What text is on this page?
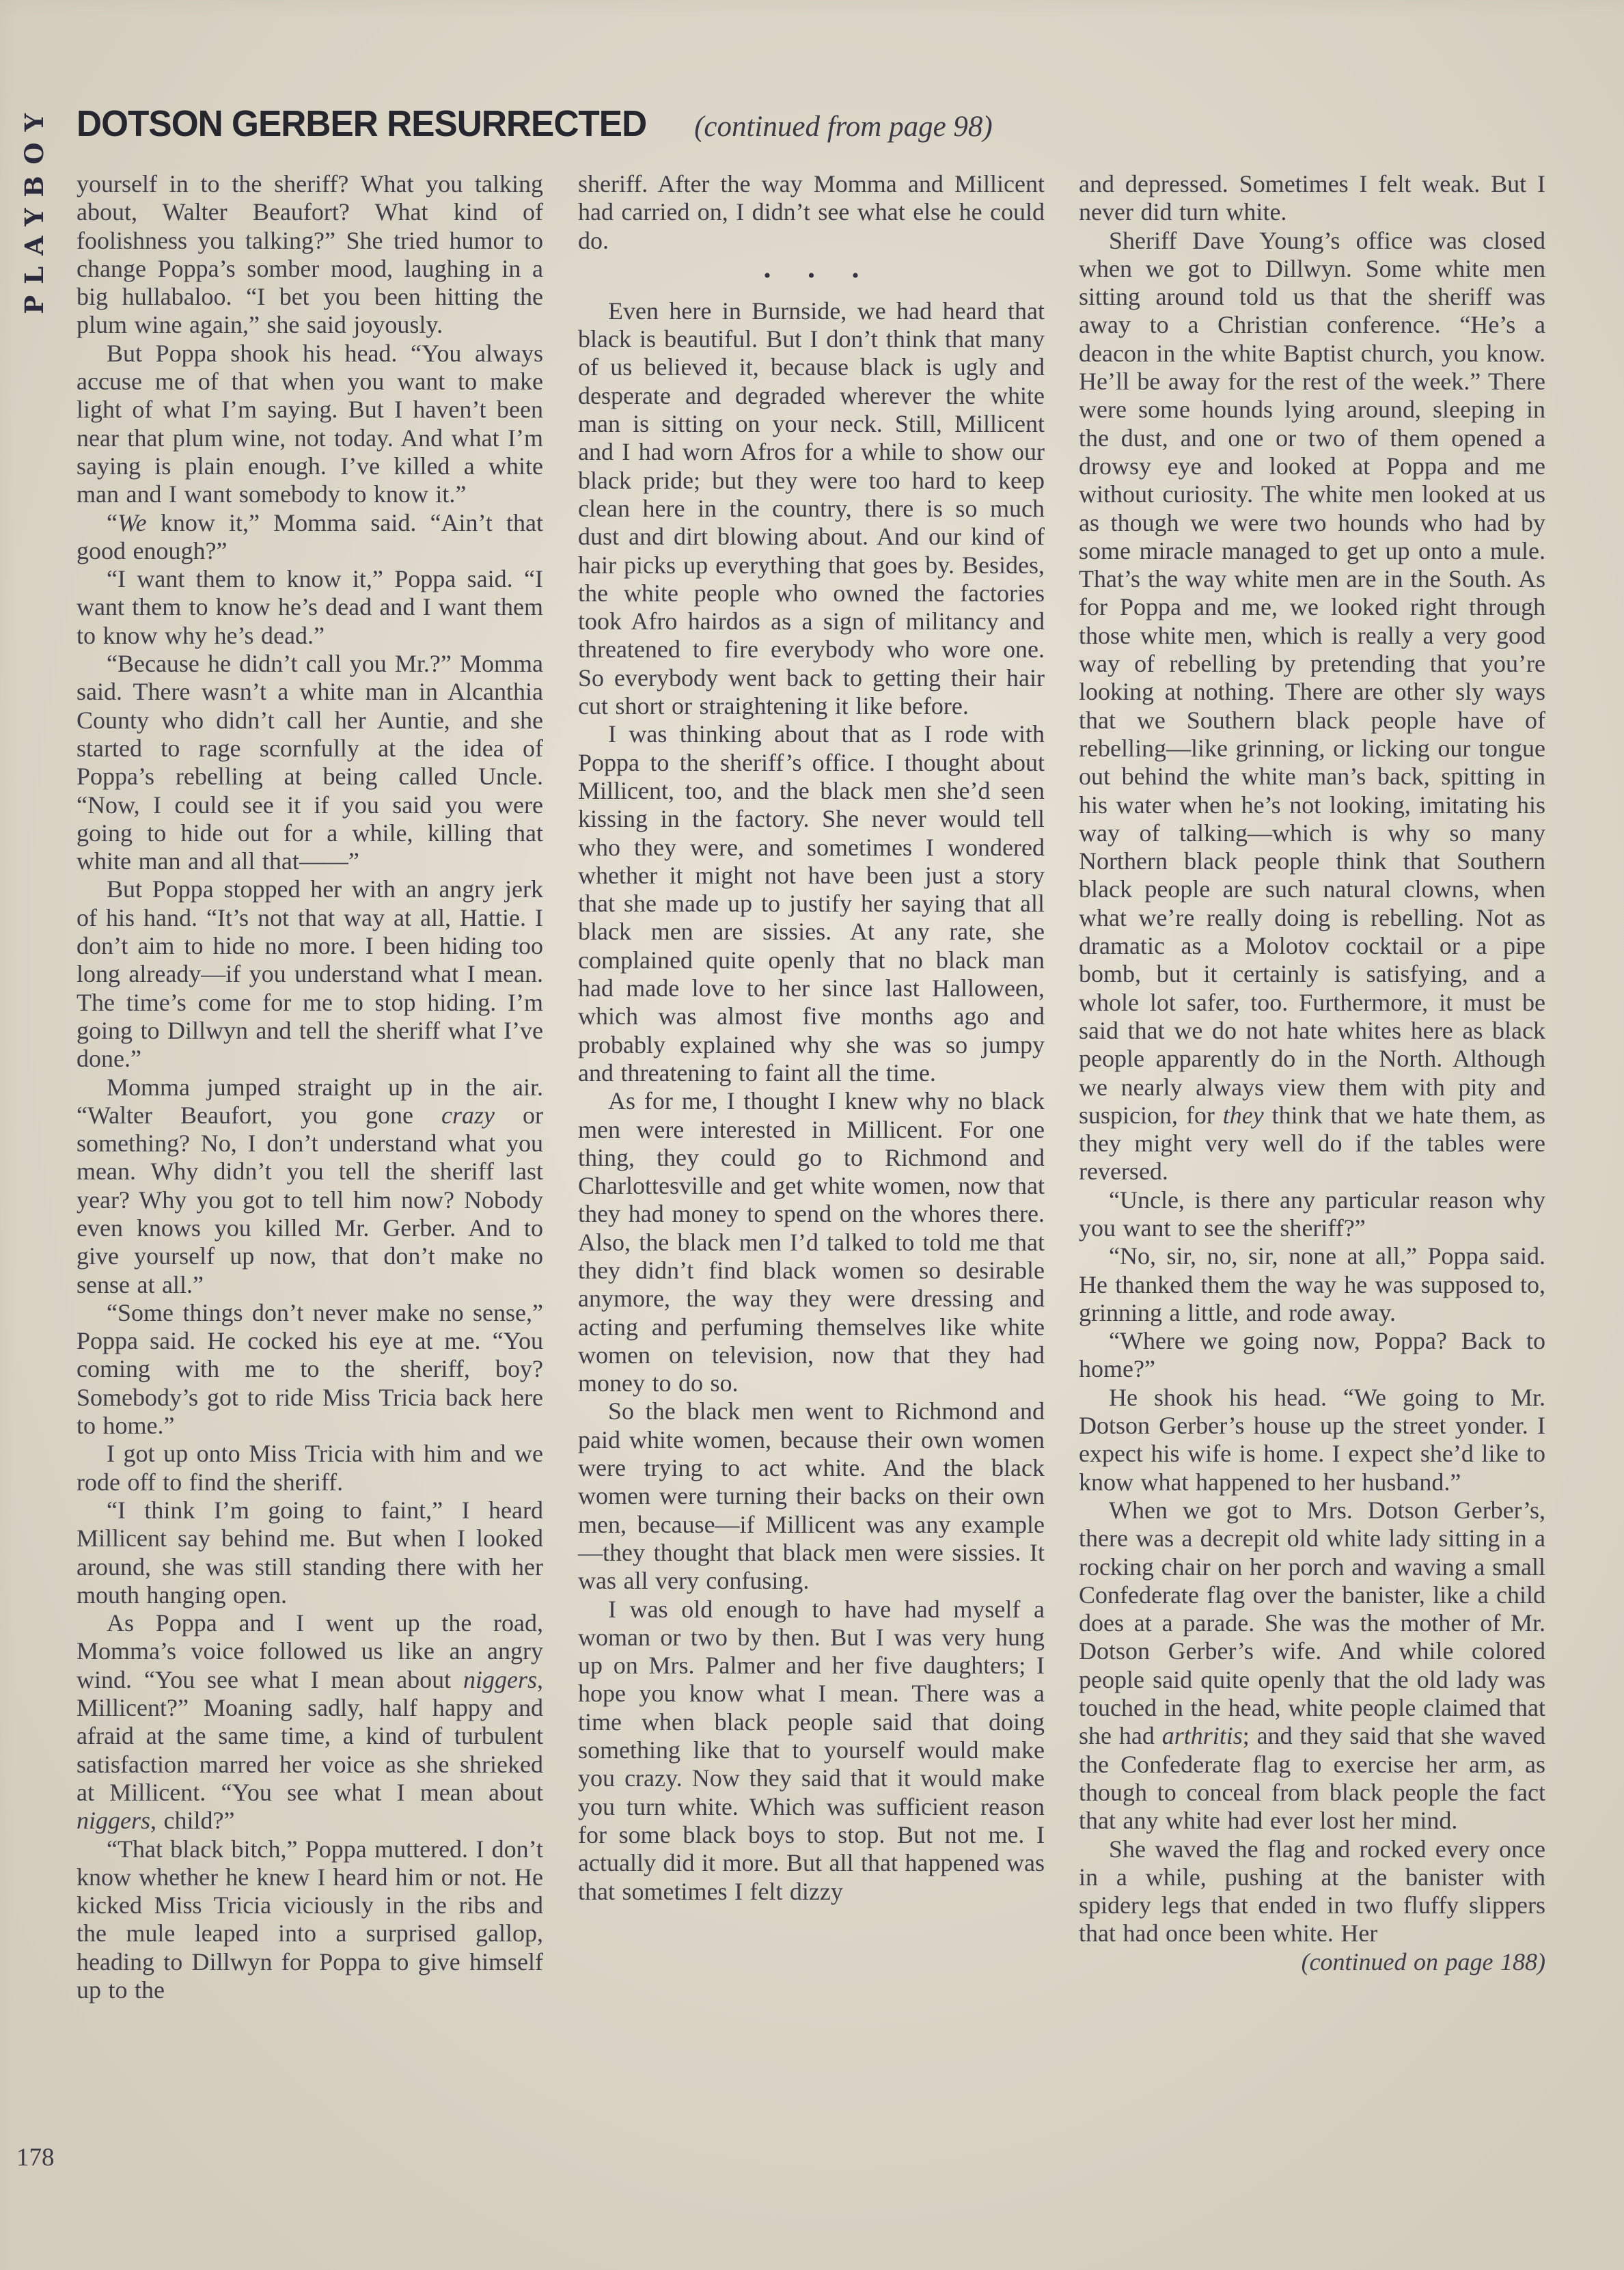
PLAYBOY DOTSON GERBER RESURRECTED (continued from page 98)

yourself in to the sheriff? What you talking about, Walter Beaufort? What kind of foolishness you talking?” She tried humor to change Poppa’s somber mood, laughing in a big hullabaloo. “I bet you been hitting the plum wine again,” she said joyously.

But Poppa shook his head. “You always accuse me of that when you want to make light of what I’m saying. But I haven’t been near that plum wine, not today. And what I’m saying is plain enough. I’ve killed a white man and I want somebody to know it.”

“We know it,” Momma said. “Ain’t that good enough?”

“I want them to know it,” Poppa said. “I want them to know he’s dead and I want them to know why he’s dead.”

“Because he didn’t call you Mr.?” Momma said. There wasn’t a white man in Alcanthia County who didn’t call her Auntie, and she started to rage scornfully at the idea of Poppa’s rebelling at being called Uncle. “Now, I could see it if you said you were going to hide out for a while, killing that white man and all that——”

But Poppa stopped her with an angry jerk of his hand. “It’s not that way at all, Hattie. I don’t aim to hide no more. I been hiding too long already—if you understand what I mean. The time’s come for me to stop hiding. I’m going to Dillwyn and tell the sheriff what I’ve done.”

Momma jumped straight up in the air. “Walter Beaufort, you gone crazy or something? No, I don’t understand what you mean. Why didn’t you tell the sheriff last year? Why you got to tell him now? Nobody even knows you killed Mr. Gerber. And to give yourself up now, that don’t make no sense at all.”

“Some things don’t never make no sense,” Poppa said. He cocked his eye at me. “You coming with me to the sheriff, boy? Somebody’s got to ride Miss Tricia back here to home.”

I got up onto Miss Tricia with him and we rode off to find the sheriff.

“I think I’m going to faint,” I heard Millicent say behind me. But when I looked around, she was still standing there with her mouth hanging open.

As Poppa and I went up the road, Momma’s voice followed us like an angry wind. “You see what I mean about niggers, Millicent?” Moaning sadly, half happy and afraid at the same time, a kind of turbulent satisfaction marred her voice as she shrieked at Millicent. “You see what I mean about niggers, child?”

“That black bitch,” Poppa muttered. I don’t know whether he knew I heard him or not. He kicked Miss Tricia viciously in the ribs and the mule leaped into a surprised gallop, heading to Dillwyn for Poppa to give himself up to the

sheriff. After the way Momma and Millicent had carried on, I didn’t see what else he could do.

•••

Even here in Burnside, we had heard that black is beautiful. But I don’t think that many of us believed it, because black is ugly and desperate and degraded wherever the white man is sitting on your neck. Still, Millicent and I had worn Afros for a while to show our black pride; but they were too hard to keep clean here in the country, there is so much dust and dirt blowing about. And our kind of hair picks up everything that goes by. Besides, the white people who owned the factories took Afro hairdos as a sign of militancy and threatened to fire everybody who wore one. So everybody went back to getting their hair cut short or straightening it like before.

I was thinking about that as I rode with Poppa to the sheriff’s office. I thought about Millicent, too, and the black men she’d seen kissing in the factory. She never would tell who they were, and sometimes I wondered whether it might not have been just a story that she made up to justify her saying that all black men are sissies. At any rate, she complained quite openly that no black man had made love to her since last Halloween, which was almost five months ago and probably explained why she was so jumpy and threatening to faint all the time.

As for me, I thought I knew why no black men were interested in Millicent. For one thing, they could go to Richmond and Charlottesville and get white women, now that they had money to spend on the whores there. Also, the black men I’d talked to told me that they didn’t find black women so desirable anymore, the way they were dressing and acting and perfuming themselves like white women on television, now that they had money to do so.

So the black men went to Richmond and paid white women, because their own women were trying to act white. And the black women were turning their backs on their own men, because—if Millicent was any example—they thought that black men were sissies. It was all very confusing.

I was old enough to have had myself a woman or two by then. But I was very hung up on Mrs. Palmer and her five daughters; I hope you know what I mean. There was a time when black people said that doing something like that to yourself would make you crazy. Now they said that it would make you turn white. Which was sufficient reason for some black boys to stop. But not me. I actually did it more. But all that happened was that sometimes I felt dizzy

and depressed. Sometimes I felt weak. But I never did turn white.

Sheriff Dave Young’s office was closed when we got to Dillwyn. Some white men sitting around told us that the sheriff was away to a Christian conference. “He’s a deacon in the white Baptist church, you know. He’ll be away for the rest of the week.” There were some hounds lying around, sleeping in the dust, and one or two of them opened a drowsy eye and looked at Poppa and me without curiosity. The white men looked at us as though we were two hounds who had by some miracle managed to get up onto a mule. That’s the way white men are in the South. As for Poppa and me, we looked right through those white men, which is really a very good way of rebelling by pretending that you’re looking at nothing. There are other sly ways that we Southern black people have of rebelling—like grinning, or licking our tongue out behind the white man’s back, spitting in his water when he’s not looking, imitating his way of talking—which is why so many Northern black people think that Southern black people are such natural clowns, when what we’re really doing is rebelling. Not as dramatic as a Molotov cocktail or a pipe bomb, but it certainly is satisfying, and a whole lot safer, too. Furthermore, it must be said that we do not hate whites here as black people apparently do in the North. Although we nearly always view them with pity and suspicion, for they think that we hate them, as they might very well do if the tables were reversed.

“Uncle, is there any particular reason why you want to see the sheriff?”

“No, sir, no, sir, none at all,” Poppa said. He thanked them the way he was supposed to, grinning a little, and rode away.

“Where we going now, Poppa? Back to home?”

He shook his head. “We going to Mr. Dotson Gerber’s house up the street yonder. I expect his wife is home. I expect she’d like to know what happened to her husband.”

When we got to Mrs. Dotson Gerber’s, there was a decrepit old white lady sitting in a rocking chair on her porch and waving a small Confederate flag over the banister, like a child does at a parade. She was the mother of Mr. Dotson Gerber’s wife. And while colored people said quite openly that the old lady was touched in the head, white people claimed that she had arthritis; and they said that she waved the Confederate flag to exercise her arm, as though to conceal from black people the fact that any white had ever lost her mind.

She waved the flag and rocked every once in a while, pushing at the banister with spidery legs that ended in two fluffy slippers that had once been white. Her

(continued on page 188)

178
